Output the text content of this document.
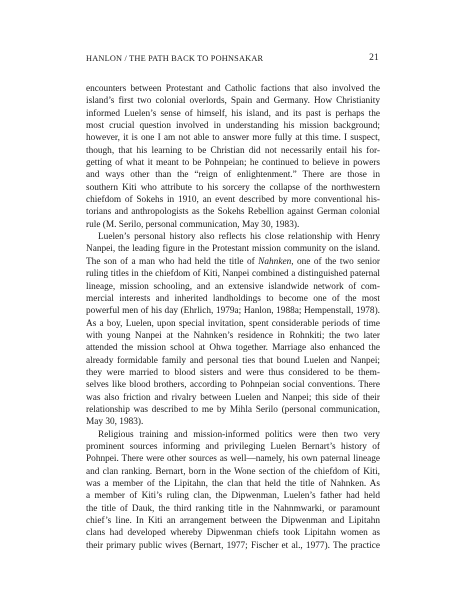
HANLON / THE PATH BACK TO POHNSAKAR	21
encounters between Protestant and Catholic factions that also involved the
island’s first two colonial overlords, Spain and Germany. How Christianity
informed Luelen’s sense of himself, his island, and its past is perhaps the
most crucial question involved in understanding his mission background;
however, it is one I am not able to answer more fully at this time. I suspect,
though, that his learning to be Christian did not necessarily entail his for-
getting of what it meant to be Pohnpeian; he continued to believe in powers
and ways other than the “reign of enlightenment.” There are those in
southern Kiti who attribute to his sorcery the collapse of the northwestern
chiefdom of Sokehs in 1910, an event described by more conventional his-
torians and anthropologists as the Sokehs Rebellion against German colonial
rule (M. Serilo, personal communication, May 30, 1983).
Luelen’s personal history also reflects his close relationship with Henry
Nanpei, the leading figure in the Protestant mission community on the island.
The son of a man who had held the title of Nahnken, one of the two senior
ruling titles in the chiefdom of Kiti, Nanpei combined a distinguished paternal
lineage, mission schooling, and an extensive islandwide network of com-
mercial interests and inherited landholdings to become one of the most
powerful men of his day (Ehrlich, 1979a; Hanlon, 1988a; Hempenstall, 1978).
As a boy, Luelen, upon special invitation, spent considerable periods of time
with young Nanpei at the Nahnken’s residence in Rohnkiti; the two later
attended the mission school at Ohwa together. Marriage also enhanced the
already formidable family and personal ties that bound Luelen and Nanpei;
they were married to blood sisters and were thus considered to be them-
selves like blood brothers, according to Pohnpeian social conventions. There
was also friction and rivalry between Luelen and Nanpei; this side of their
relationship was described to me by Mihla Serilo (personal communication,
May 30, 1983).
Religious training and mission-informed politics were then two very
prominent sources informing and privileging Luelen Bernart’s history of
Pohnpei. There were other sources as well—namely, his own paternal lineage
and clan ranking. Bernart, born in the Wone section of the chiefdom of Kiti,
was a member of the Lipitahn, the clan that held the title of Nahnken. As
a member of Kiti’s ruling clan, the Dipwenman, Luelen’s father had held
the title of Dauk, the third ranking title in the Nahnmwarki, or paramount
chief’s line. In Kiti an arrangement between the Dipwenman and Lipitahn
clans had developed whereby Dipwenman chiefs took Lipitahn women as
their primary public wives (Bernart, 1977; Fischer et al., 1977). The practice
